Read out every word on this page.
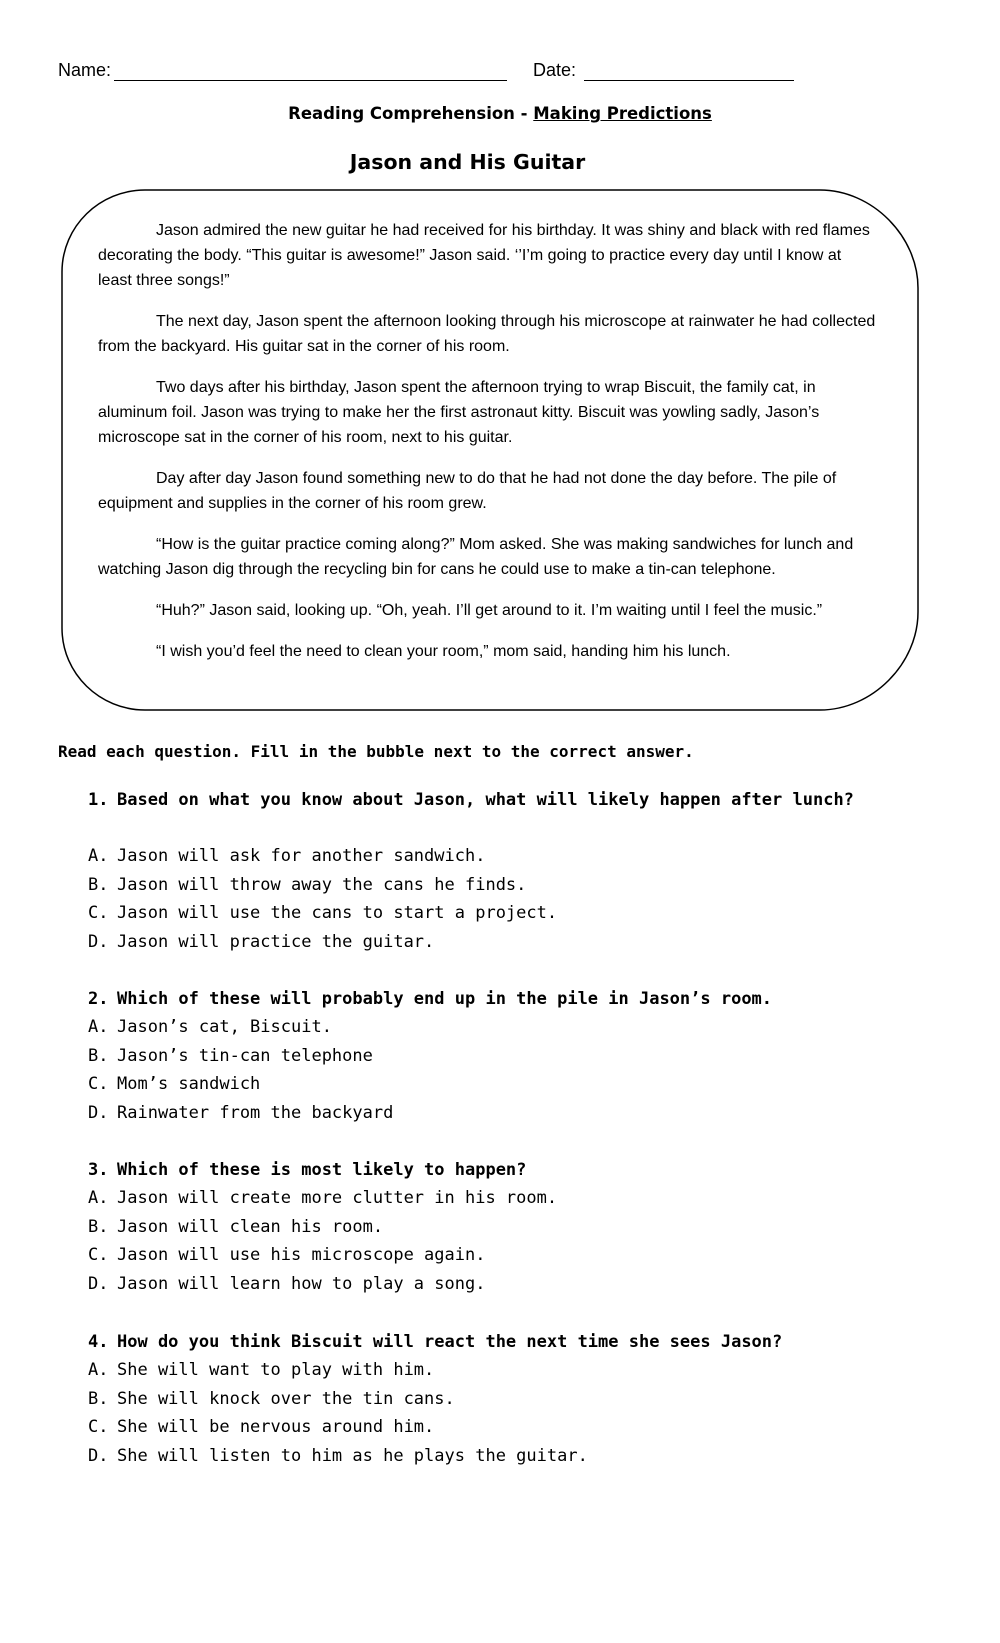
Name:	Date:
Reading Comprehension - Making Predictions
Jason and His Guitar

Jason admired the new guitar he had received for his birthday. It was shiny and black with red flames decorating the body. “This guitar is awesome!” Jason said. ‘’I’m going to practice every day until I know at least three songs!”

The next day, Jason spent the afternoon looking through his microscope at rainwater he had collected from the backyard. His guitar sat in the corner of his room.

Two days after his birthday, Jason spent the afternoon trying to wrap Biscuit, the family cat, in aluminum foil. Jason was trying to make her the first astronaut kitty. Biscuit was yowling sadly, Jason’s microscope sat in the corner of his room, next to his guitar.

Day after day Jason found something new to do that he had not done the day before. The pile of equipment and supplies in the corner of his room grew.

“How is the guitar practice coming along?” Mom asked. She was making sandwiches for lunch and watching Jason dig through the recycling bin for cans he could use to make a tin-can telephone.

“Huh?” Jason said, looking up. “Oh, yeah. I’ll get around to it. I’m waiting until I feel the music.”

“I wish you’d feel the need to clean your room,” mom said, handing him his lunch.

Read each question. Fill in the bubble next to the correct answer.
1. Based on what you know about Jason, what will likely happen after lunch?
A. Jason will ask for another sandwich.
B. Jason will throw away the cans he finds.
C. Jason will use the cans to start a project.
D. Jason will practice the guitar.
2. Which of these will probably end up in the pile in Jason’s room.
A. Jason’s cat, Biscuit.
B. Jason’s tin-can telephone
C. Mom’s sandwich
D. Rainwater from the backyard
3. Which of these is most likely to happen?
A. Jason will create more clutter in his room.
B. Jason will clean his room.
C. Jason will use his microscope again.
D. Jason will learn how to play a song.
4. How do you think Biscuit will react the next time she sees Jason?
A. She will want to play with him.
B. She will knock over the tin cans.
C. She will be nervous around him.
D. She will listen to him as he plays the guitar.
